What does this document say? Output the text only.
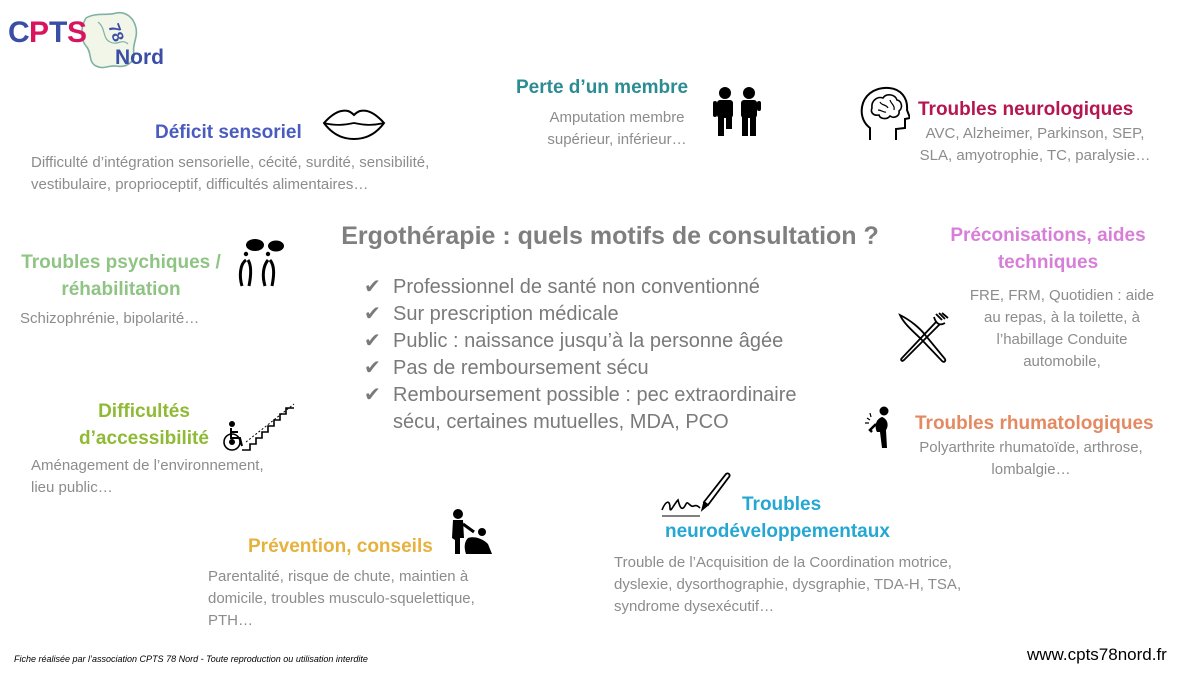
C P T S 78
Nord
Ergothérapie : quels motifs de consultation ?
✔ Professionnel de santé non conventionné
✔ Sur prescription médicale
✔ Public : naissance jusqu’à la personne âgée
✔ Pas de remboursement sécu
✔ Remboursement possible : pec extraordinaire sécu, certaines mutuelles, MDA, PCO
Déficit sensoriel
Difficulté d’intégration sensorielle, cécité, surdité, sensibilité,
vestibulaire, proprioceptif, difficultés alimentaires…
Perte d’un membre
Amputation membre
supérieur, inférieur…
Troubles neurologiques
AVC, Alzheimer, Parkinson, SEP,
SLA, amyotrophie, TC, paralysie…
Troubles psychiques /
réhabilitation
Schizophrénie, bipolarité…
Préconisations, aides
techniques
FRE, FRM, Quotidien : aide
au repas, à la toilette, à
l’habillage Conduite
automobile,
Difficultés
d’accessibilité
Aménagement de l’environnement,
lieu public…
Troubles rhumatologiques
Polyarthrite rhumatoïde, arthrose,
lombalgie…
Troubles
neurodéveloppementaux
Trouble de l’Acquisition de la Coordination motrice,
dyslexie, dysorthographie, dysgraphie, TDA-H, TSA,
syndrome dysexécutif…
Prévention, conseils
Parentalité, risque de chute, maintien à
domicile, troubles musculo-squelettique,
PTH…
Fiche réalisée par l’association CPTS 78 Nord - Toute reproduction ou utilisation interdite	www.cpts78nord.fr
